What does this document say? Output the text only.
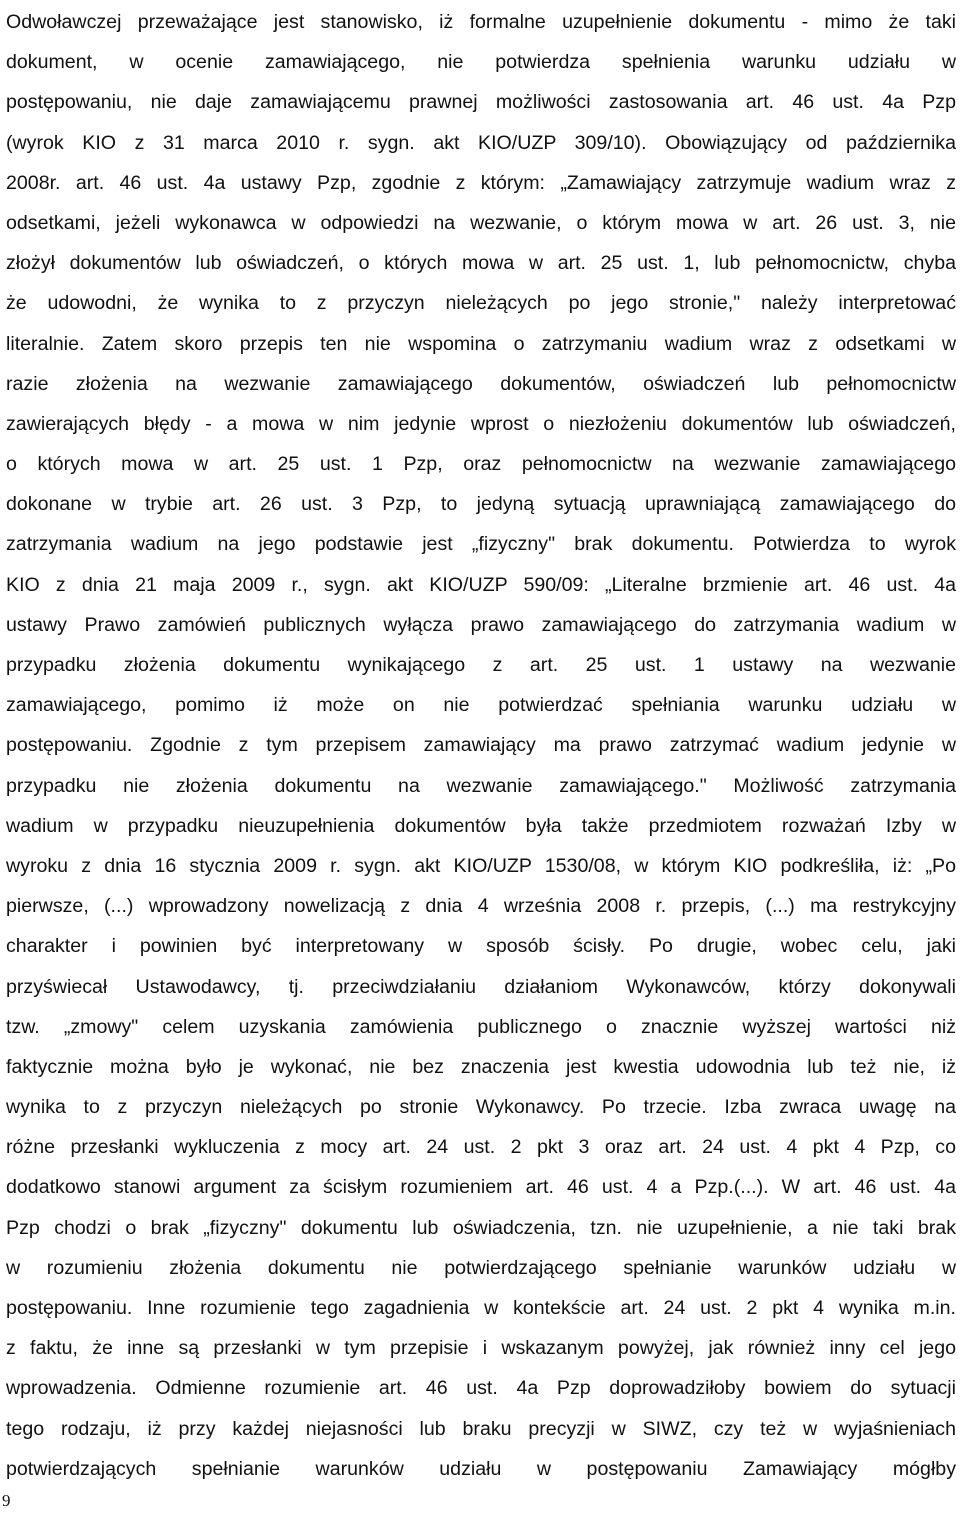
Odwoławczej przeważające jest stanowisko, iż formalne uzupełnienie dokumentu - mimo że taki
dokument, w ocenie zamawiającego, nie potwierdza spełnienia warunku udziału w
postępowaniu, nie daje zamawiającemu prawnej możliwości zastosowania art. 46 ust. 4a Pzp
(wyrok KIO z 31 marca 2010 r. sygn. akt KIO/UZP 309/10). Obowiązujący od października
2008r. art. 46 ust. 4a ustawy Pzp, zgodnie z którym: „Zamawiający zatrzymuje wadium wraz z
odsetkami, jeżeli wykonawca w odpowiedzi na wezwanie, o którym mowa w art. 26 ust. 3, nie
złożył dokumentów lub oświadczeń, o których mowa w art. 25 ust. 1, lub pełnomocnictw, chyba
że udowodni, że wynika to z przyczyn nieleżących po jego stronie," należy interpretować
literalnie. Zatem skoro przepis ten nie wspomina o zatrzymaniu wadium wraz z odsetkami w
razie złożenia na wezwanie zamawiającego dokumentów, oświadczeń lub pełnomocnictw
zawierających błędy - a mowa w nim jedynie wprost o niezłożeniu dokumentów lub oświadczeń,
o których mowa w art. 25 ust. 1 Pzp, oraz pełnomocnictw na wezwanie zamawiającego
dokonane w trybie art. 26 ust. 3 Pzp, to jedyną sytuacją uprawniającą zamawiającego do
zatrzymania wadium na jego podstawie jest „fizyczny" brak dokumentu. Potwierdza to wyrok
KIO z dnia 21 maja 2009 r., sygn. akt KIO/UZP 590/09: „Literalne brzmienie art. 46 ust. 4a
ustawy Prawo zamówień publicznych wyłącza prawo zamawiającego do zatrzymania wadium w
przypadku złożenia dokumentu wynikającego z art. 25 ust. 1 ustawy na wezwanie
zamawiającego, pomimo iż może on nie potwierdzać spełniania warunku udziału w
postępowaniu. Zgodnie z tym przepisem zamawiający ma prawo zatrzymać wadium jedynie w
przypadku nie złożenia dokumentu na wezwanie zamawiającego." Możliwość zatrzymania
wadium w przypadku nieuzupełnienia dokumentów była także przedmiotem rozważań Izby w
wyroku z dnia 16 stycznia 2009 r. sygn. akt KIO/UZP 1530/08, w którym KIO podkreśliła, iż: „Po
pierwsze, (...) wprowadzony nowelizacją z dnia 4 września 2008 r. przepis, (...) ma restrykcyjny
charakter i powinien być interpretowany w sposób ścisły. Po drugie, wobec celu, jaki
przyświecał Ustawodawcy, tj. przeciwdziałaniu działaniom Wykonawców, którzy dokonywali
tzw. „zmowy" celem uzyskania zamówienia publicznego o znacznie wyższej wartości niż
faktycznie można było je wykonać, nie bez znaczenia jest kwestia udowodnia lub też nie, iż
wynika to z przyczyn nieleżących po stronie Wykonawcy. Po trzecie. Izba zwraca uwagę na
różne przesłanki wykluczenia z mocy art. 24 ust. 2 pkt 3 oraz art. 24 ust. 4 pkt 4 Pzp, co
dodatkowo stanowi argument za ścisłym rozumieniem art. 46 ust. 4 a Pzp.(...). W art. 46 ust. 4a
Pzp chodzi o brak „fizyczny" dokumentu lub oświadczenia, tzn. nie uzupełnienie, a nie taki brak
w rozumieniu złożenia dokumentu nie potwierdzającego spełnianie warunków udziału w
postępowaniu. Inne rozumienie tego zagadnienia w kontekście art. 24 ust. 2 pkt 4 wynika m.in.
z faktu, że inne są przesłanki w tym przepisie i wskazanym powyżej, jak również inny cel jego
wprowadzenia. Odmienne rozumienie art. 46 ust. 4a Pzp doprowadziłoby bowiem do sytuacji
tego rodzaju, iż przy każdej niejasności lub braku precyzji w SIWZ, czy też w wyjaśnieniach
potwierdzających spełnianie warunków udziału w postępowaniu Zamawiający mógłby
9
